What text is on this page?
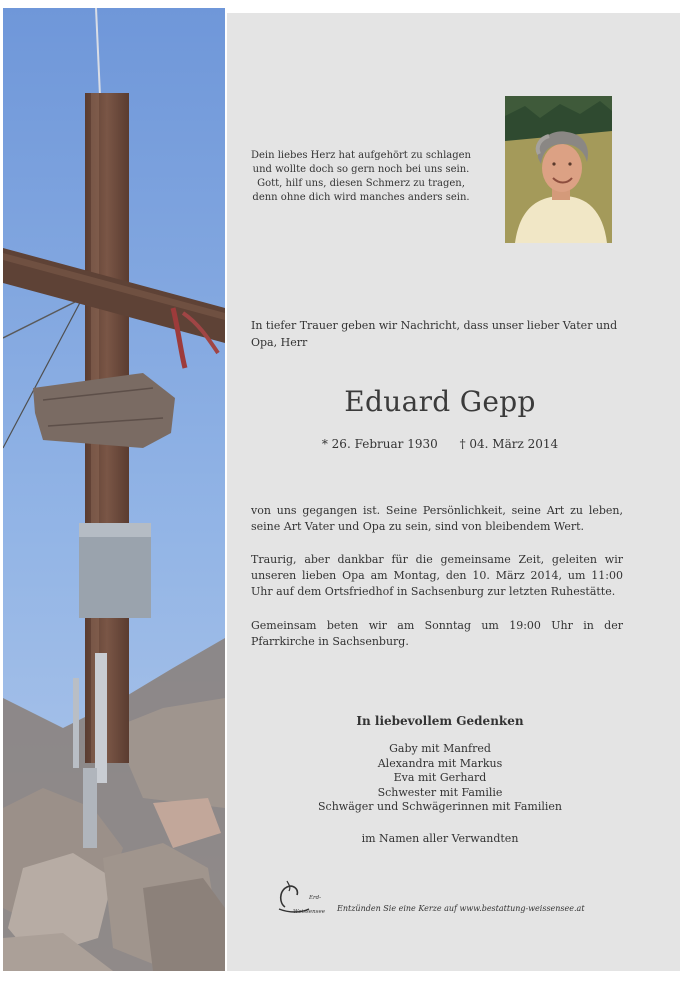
Dein liebes Herz hat aufgehört zu schlagen
und wollte doch so gern noch bei uns sein.
Gott, hilf uns, diesen Schmerz zu tragen,
denn ohne dich wird manches anders sein.
In tiefer Trauer geben wir Nachricht, dass unser lieber Vater und Opa, Herr
Eduard Gepp
* 26. Februar 1930 † 04. März 2014
von uns gegangen ist. Seine Persönlichkeit, seine Art zu leben, seine Art Vater und Opa zu sein, sind von bleibendem Wert.
Traurig, aber dankbar für die gemeinsame Zeit, geleiten wir unseren lieben Opa am Montag, den 10. März 2014, um 11:00 Uhr auf dem Ortsfriedhof in Sachsenburg zur letzten Ruhestätte.
Gemeinsam beten wir am Sonntag um 19:00 Uhr in der Pfarrkirche in Sachsenburg.
In liebevollem Gedenken
Gaby mit Manfred
Alexandra mit Markus
Eva mit Gerhard
Schwester mit Familie
Schwäger und Schwägerinnen mit Familien
im Namen aller Verwandten
Erd-
Weissensee Entzünden Sie eine Kerze auf www.bestattung-weissensee.at
